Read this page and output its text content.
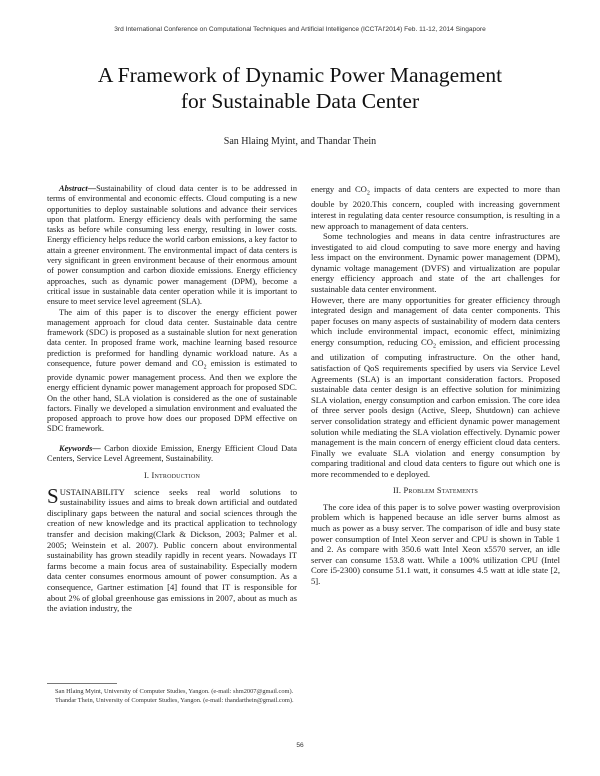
3rd International Conference on Computational Techniques and Artificial Intelligence (ICCTAI'2014) Feb. 11-12, 2014 Singapore
A Framework of Dynamic Power Management
for Sustainable Data Center
San Hlaing Myint, and Thandar Thein

Abstract—Sustainability of cloud data center is to be addressed in terms of environmental and economic effects. Cloud computing is a new opportunities to deploy sustainable solutions and advance their services upon that platform. Energy efficiency deals with performing the same tasks as before while consuming less energy, resulting in lower costs. Energy efficiency helps reduce the world carbon emissions, a key factor to attain a greener environment. The environmental impact of data centers is very significant in green environment because of their enormous amount of power consumption and carbon dioxide emissions. Energy efficiency approaches, such as dynamic power management (DPM), become a critical issue in sustainable data center operation while it is important to ensure to meet service level agreement (SLA).

The aim of this paper is to discover the energy efficient power management approach for cloud data center. Sustainable data centre framework (SDC) is proposed as a sustainable slution for next generation data center. In proposed frame work, machine learning based resource prediction is preformed for handling dynamic workload nature. As a consequence, future power demand and $CO_2$ emission is estimated to provide dynamic power management process. And then we explore the energy efficient dynamic power management approach for proposed SDC. On the other hand, SLA violation is considered as the one of sustainable factors. Finally we developed a simulation environment and evaluated the proposed approach to prove how does our proposed DPM effective on SDC framework.

Keywords— Carbon dioxide Emission, Energy Efficient Cloud Data Centers, Service Level Agreement, Sustainability.

I. Introduction

SUSTAINABILITY science seeks real world solutions to sustainability issues and aims to break down artificial and outdated disciplinary gaps between the natural and social sciences through the creation of new knowledge and its practical application to technology transfer and decision making(Clark & Dickson, 2003; Palmer et al. 2005; Weinstein et al. 2007). Public concern about environmental sustainability has grown steadily rapidly in recent years. Nowadays IT farms become a main focus area of sustainability. Especially modern data center consumes enormous amount of power consumption. As a consequence, Gartner estimation [4] found that IT is responsible for about 2% of global greenhouse gas emissions in 2007, about as much as the aviation industry, the

San Hlaing Myint, University of Computer Studies, Yangon. (e-mail: shm2007@gmail.com).

Thandar Thein, University of Computer Studies, Yangon. (e-mail: thandarthein@gmail.com).

energy and $CO_2$ impacts of data centers are expected to more than double by 2020.This concern, coupled with increasing government interest in regulating data center resource consumption, is resulting in a new approach to management of data centers.

Some technologies and means in data centre infrastructures are investigated to aid cloud computing to save more energy and having less impact on the environment. Dynamic power management (DPM), dynamic voltage management (DVFS) and virtualization are popular energy efficiency approach and state of the art challenges for sustainable data center environment.

However, there are many opportunities for greater efficiency through integrated design and management of data center components. This paper focuses on many aspects of sustainability of modern data centers which include environmental impact, economic effect, minimizing energy consumption, reducing $CO_2$ emission, and efficient processing and utilization of computing infrastructure. On the other hand, satisfaction of QoS requirements specified by users via Service Level Agreements (SLA) is an important consideration factors. Proposed sustainable data center design is an effective solution for minimizing SLA violation, energy consumption and carbon emission. The core idea of three server pools design (Active, Sleep, Shutdown) can achieve server consolidation strategy and efficient dynamic power management solution while mediating the SLA violation effectively. Dynamic power management is the main concern of energy efficient cloud data centers. Finally we evaluate SLA violation and energy consumption by comparing traditional and cloud data centers to figure out which one is more recommended to e deployed.

II. Problem Statements

The core idea of this paper is to solve power wasting overprovision problem which is happened because an idle server burns almost as much as power as a busy server. The comparison of idle and busy state power consumption of Intel Xeon server and CPU is shown in Table 1 and 2. As compare with 350.6 watt Intel Xeon x5570 server, an idle server can consume 153.8 watt. While a 100% utilization CPU (Intel Core i5-2300) consume 51.1 watt, it consumes 4.5 watt at idle state [2, 5].

56
